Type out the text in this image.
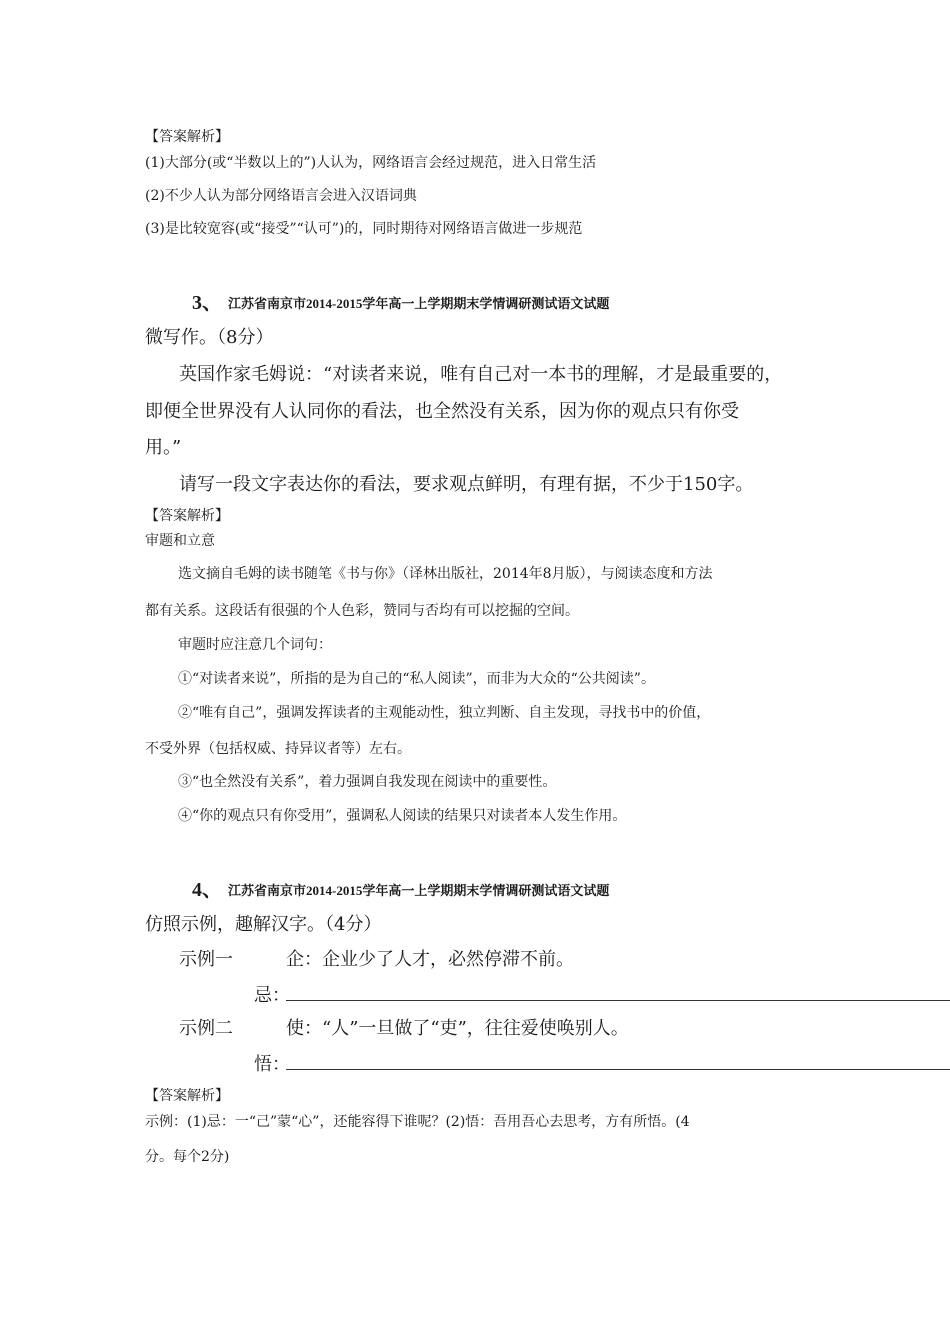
【答案解析】
(1)大部分(或“半数以上的”)人认为，网络语言会经过规范，进入日常生活
(2)不少人认为部分网络语言会进入汉语词典
(3)是比较宽容(或“接受”“认可”)的，同时期待对网络语言做进一步规范
3、 江苏省南京市2014-2015学年高一上学期期末学情调研测试语文试题
微写作。（8分）
英国作家毛姆说：“对读者来说，唯有自己对一本书的理解，才是最重要的，
即便全世界没有人认同你的看法，也全然没有关系，因为你的观点只有你受
用。”
请写一段文字表达你的看法，要求观点鲜明，有理有据，不少于150字。
【答案解析】
审题和立意
选文摘自毛姆的读书随笔《书与你》（译林出版社，2014年8月版），与阅读态度和方法
都有关系。这段话有很强的个人色彩，赞同与否均有可以挖掘的空间。
审题时应注意几个词句：
①“对读者来说”，所指的是为自己的“私人阅读”，而非为大众的“公共阅读”。
②“唯有自己”，强调发挥读者的主观能动性，独立判断、自主发现，寻找书中的价值，
不受外界（包括权威、持异议者等）左右。
③“也全然没有关系”，着力强调自我发现在阅读中的重要性。
④“你的观点只有你受用”，强调私人阅读的结果只对读者本人发生作用。
4、 江苏省南京市2014-2015学年高一上学期期末学情调研测试语文试题
仿照示例，趣解汉字。（4分）
示例一	企：企业少了人才，必然停滞不前。
忌：
示例二	使：“人”一旦做了“吏”，往往爱使唤别人。
悟：
【答案解析】
示例：(1)忌：一“己”蒙“心”，还能容得下谁呢？(2)悟：吾用吾心去思考，方有所悟。(4
分。每个2分)
